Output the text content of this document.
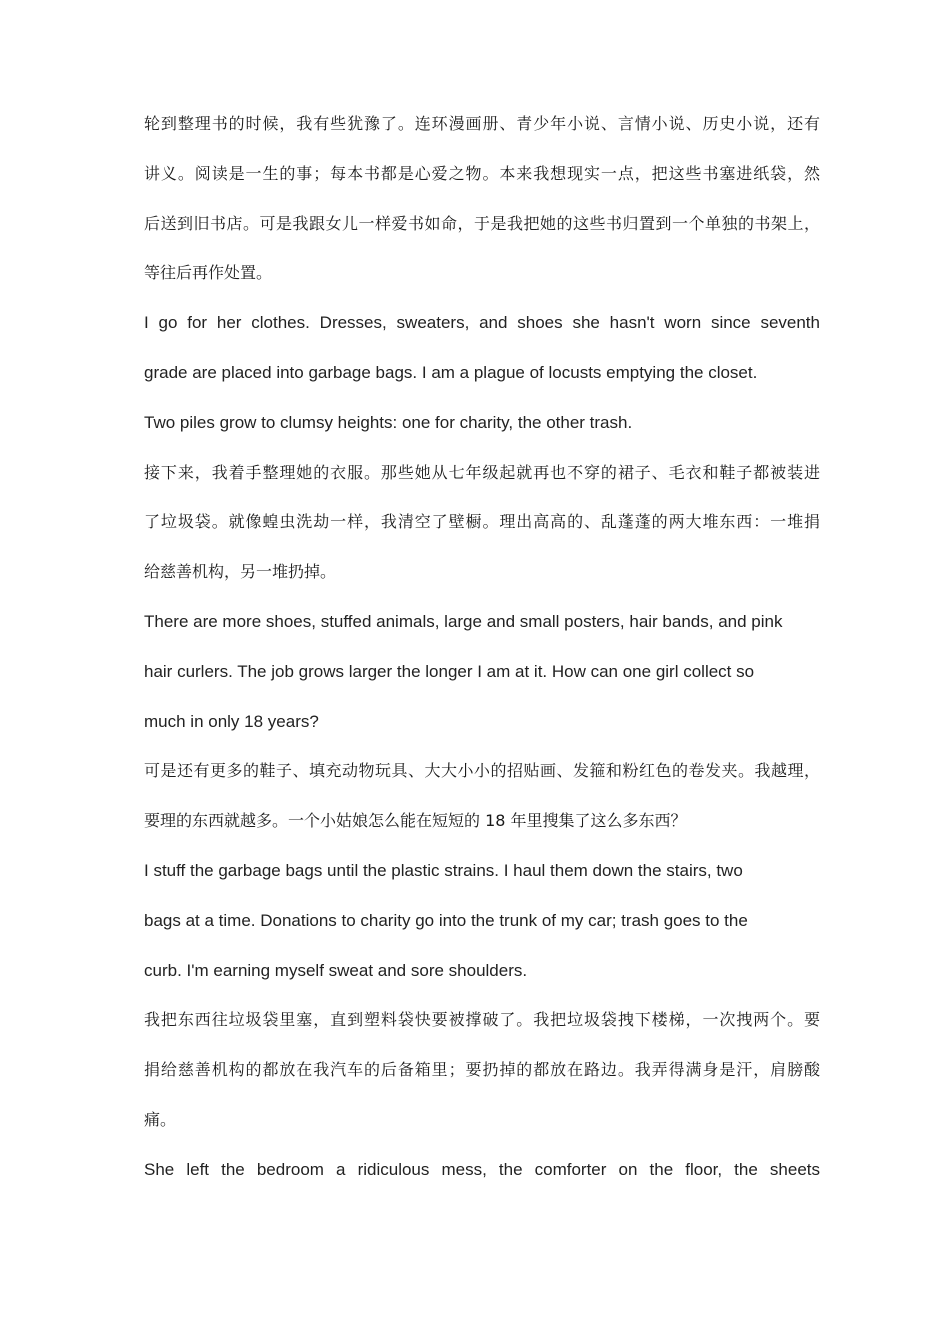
轮到整理书的时候，我有些犹豫了。连环漫画册、青少年小说、言情小说、历史小说，还有
讲义。阅读是一生的事；每本书都是心爱之物。本来我想现实一点，把这些书塞进纸袋，然
后送到旧书店。可是我跟女儿一样爱书如命，于是我把她的这些书归置到一个单独的书架上，
等往后再作处置。
I go for her clothes. Dresses, sweaters, and shoes she hasn't worn since seventh
grade are placed into garbage bags. I am a plague of locusts emptying the closet.
Two piles grow to clumsy heights: one for charity, the other trash.
接下来，我着手整理她的衣服。那些她从七年级起就再也不穿的裙子、毛衣和鞋子都被装进
了垃圾袋。就像蝗虫洗劫一样，我清空了壁橱。理出高高的、乱蓬蓬的两大堆东西：一堆捐
给慈善机构，另一堆扔掉。
There are more shoes, stuffed animals, large and small posters, hair bands, and pink
hair curlers. The job grows larger the longer I am at it. How can one girl collect so
much in only 18 years?
可是还有更多的鞋子、填充动物玩具、大大小小的招贴画、发箍和粉红色的卷发夹。我越理，
要理的东西就越多。一个小姑娘怎么能在短短的 18 年里搜集了这么多东西？
I stuff the garbage bags until the plastic strains. I haul them down the stairs, two
bags at a time. Donations to charity go into the trunk of my car; trash goes to the
curb. I'm earning myself sweat and sore shoulders.
我把东西往垃圾袋里塞，直到塑料袋快要被撑破了。我把垃圾袋拽下楼梯，一次拽两个。要
捐给慈善机构的都放在我汽车的后备箱里；要扔掉的都放在路边。我弄得满身是汗，肩膀酸
痛。
She left the bedroom a ridiculous mess, the comforter on the floor, the sheets
